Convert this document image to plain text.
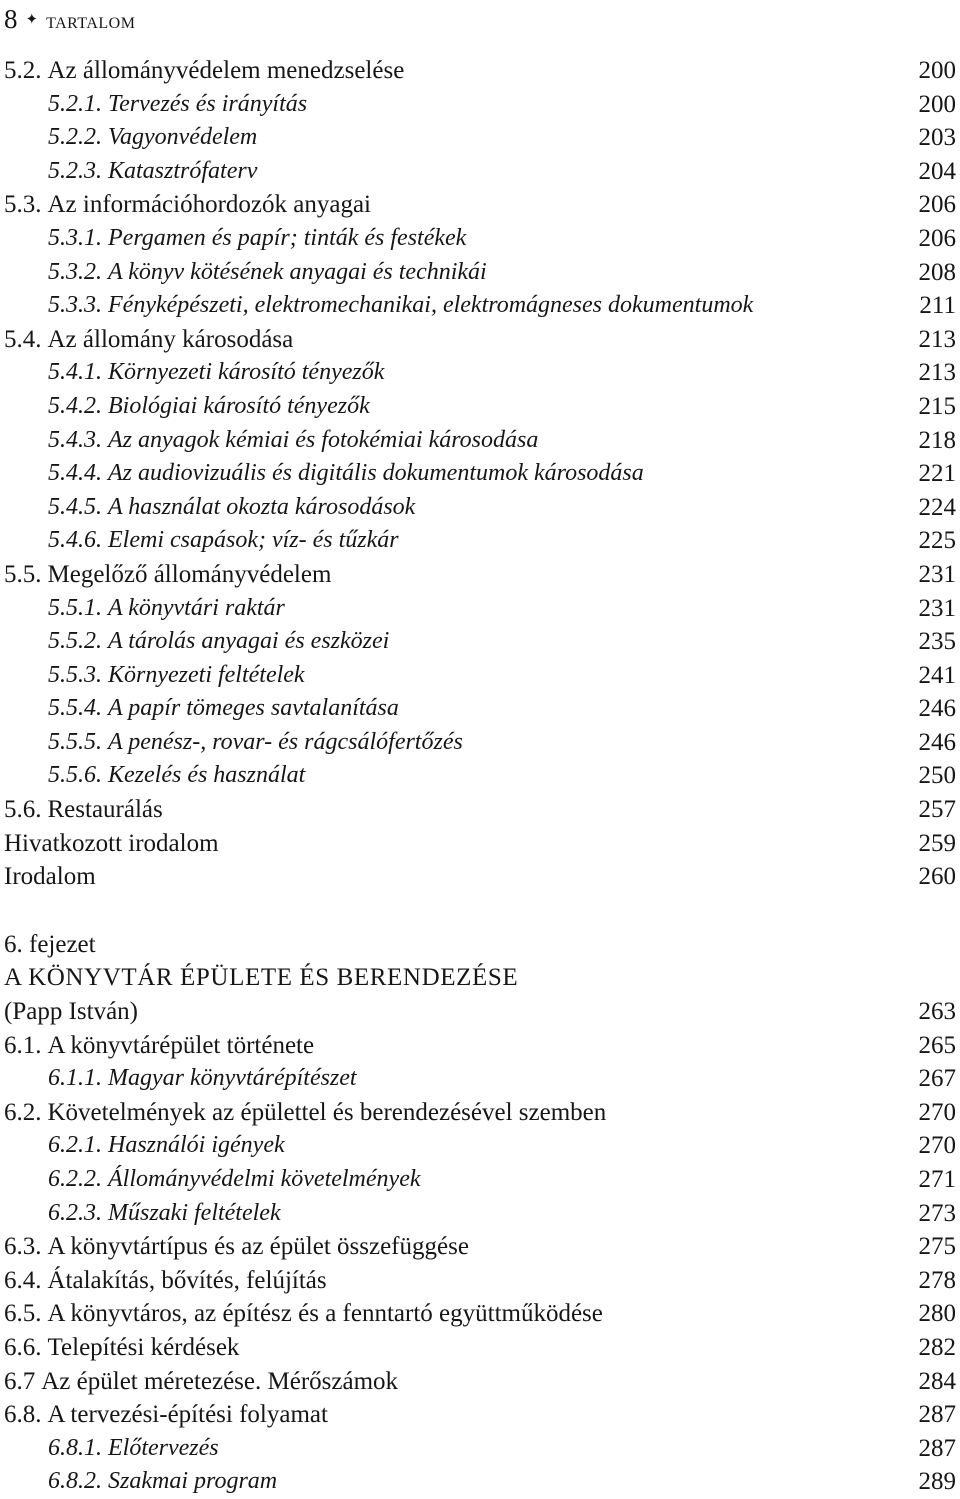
8 ✦ TARTALOM
5.2. Az állományvédelem menedzselése	200
5.2.1. Tervezés és irányítás	200
5.2.2. Vagyonvédelem	203
5.2.3. Katasztrófaterv	204
5.3. Az információhordozók anyagai	206
5.3.1. Pergamen és papír; tinták és festékek	206
5.3.2. A könyv kötésének anyagai és technikái	208
5.3.3. Fényképészeti, elektromechanikai, elektromágneses dokumentumok	211
5.4. Az állomány károsodása	213
5.4.1. Környezeti károsító tényezők	213
5.4.2. Biológiai károsító tényezők	215
5.4.3. Az anyagok kémiai és fotokémiai károsodása	218
5.4.4. Az audiovizuális és digitális dokumentumok károsodása	221
5.4.5. A használat okozta károsodások	224
5.4.6. Elemi csapások; víz- és tűzkár	225
5.5. Megelőző állományvédelem	231
5.5.1. A könyvtári raktár	231
5.5.2. A tárolás anyagai és eszközei	235
5.5.3. Környezeti feltételek	241
5.5.4. A papír tömeges savtalanítása	246
5.5.5. A penész-, rovar- és rágcsálófertőzés	246
5.5.6. Kezelés és használat	250
5.6. Restaurálás	257
Hivatkozott irodalom	259
Irodalom	260
6. fejezet
A KÖNYVTÁR ÉPÜLETE ÉS BERENDEZÉSE
(Papp István)	263
6.1. A könyvtárépület története	265
6.1.1. Magyar könyvtárépítészet	267
6.2. Követelmények az épülettel és berendezésével szemben	270
6.2.1. Használói igények	270
6.2.2. Állományvédelmi követelmények	271
6.2.3. Műszaki feltételek	273
6.3. A könyvtártípus és az épület összefüggése	275
6.4. Átalakítás, bővítés, felújítás	278
6.5. A könyvtáros, az építész és a fenntartó együttműködése	280
6.6. Telepítési kérdések	282
6.7 Az épület méretezése. Mérőszámok	284
6.8. A tervezési-építési folyamat	287
6.8.1. Előtervezés	287
6.8.2. Szakmai program	289
